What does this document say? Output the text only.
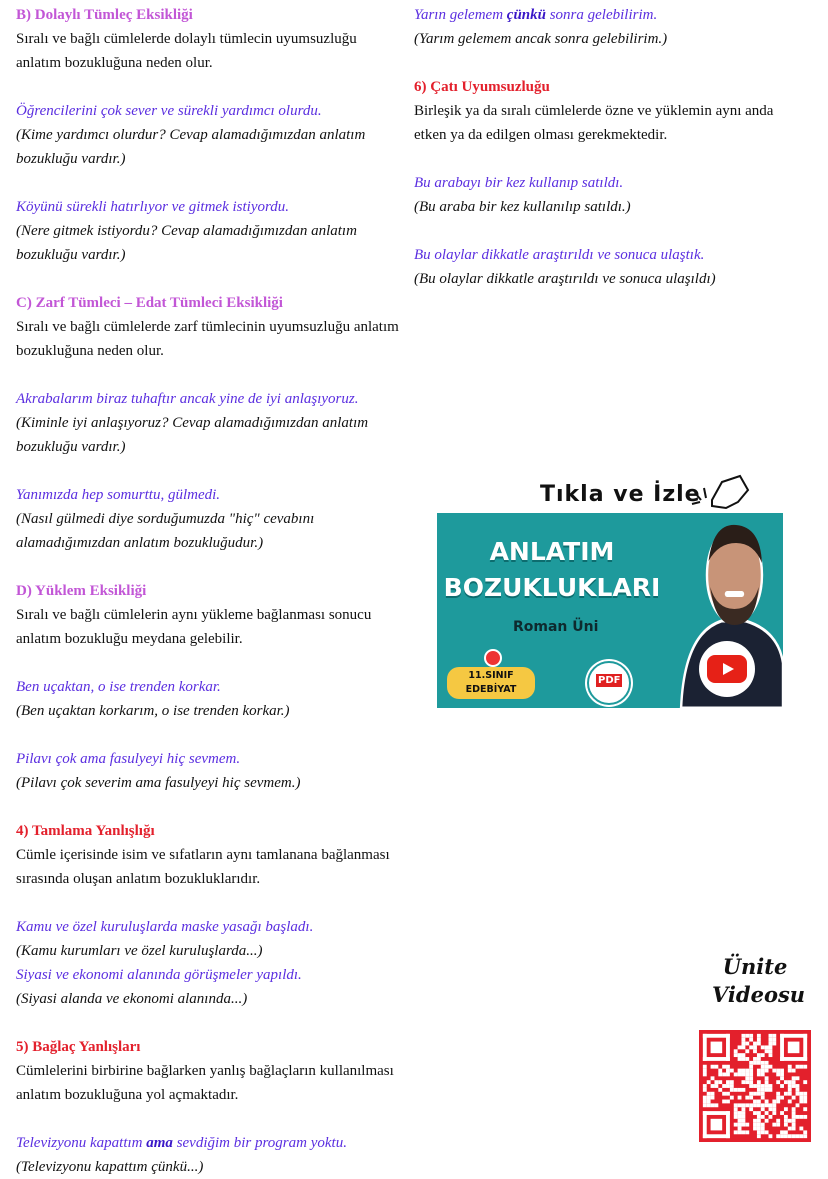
B) Dolaylı Tümleç Eksikliği
Sıralı ve bağlı cümlelerde dolaylı tümlecin uyumsuzluğu
anlatım bozukluğuna neden olur.
Öğrencilerini çok sever ve sürekli yardımcı olurdu.
(Kime yardımcı olurdur? Cevap alamadığımızdan anlatım
bozukluğu vardır.)
Köyünü sürekli hatırlıyor ve gitmek istiyordu.
(Nere gitmek istiyordu? Cevap alamadığımızdan anlatım
bozukluğu vardır.)
C) Zarf Tümleci – Edat Tümleci Eksikliği
Sıralı ve bağlı cümlelerde zarf tümlecinin uyumsuzluğu anlatım
bozukluğuna neden olur.
Akrabalarım biraz tuhaftır ancak yine de iyi anlaşıyoruz.
(Kiminle iyi anlaşıyoruz? Cevap alamadığımızdan anlatım
bozukluğu vardır.)
Yanımızda hep somurttu, gülmedi.
(Nasıl gülmedi diye sorduğumuzda "hiç" cevabını
alamadığımızdan anlatım bozukluğudur.)
D) Yüklem Eksikliği
Sıralı ve bağlı cümlelerin aynı yükleme bağlanması sonucu
anlatım bozukluğu meydana gelebilir.
Ben uçaktan, o ise trenden korkar.
(Ben uçaktan korkarım, o ise trenden korkar.)
Pilavı çok ama fasulyeyi hiç sevmem.
(Pilavı çok severim ama fasulyeyi hiç sevmem.)
4) Tamlama Yanlışlığı
Cümle içerisinde isim ve sıfatların aynı tamlanana bağlanması
sırasında oluşan anlatım bozukluklarıdır.
Kamu ve özel kuruluşlarda maske yasağı başladı.
(Kamu kurumları ve özel kuruluşlarda...)
Siyasi ve ekonomi alanında görüşmeler yapıldı.
(Siyasi alanda ve ekonomi alanında...)
5) Bağlaç Yanlışları
Cümlelerini birbirine bağlarken yanlış bağlaçların kullanılması
anlatım bozukluğuna yol açmaktadır.
Televizyonu kapattım ama sevdiğim bir program yoktu.
(Televizyonu kapattım çünkü...)
Yarın gelemem çünkü sonra gelebilirim.
(Yarım gelemem ancak sonra gelebilirim.)
6) Çatı Uyumsuzluğu
Birleşik ya da sıralı cümlelerde özne ve yüklemin aynı anda
etken ya da edilgen olması gerekmektedir.
Bu arabayı bir kez kullanıp satıldı.
(Bu araba bir kez kullanılıp satıldı.)
Bu olaylar dikkatle araştırıldı ve sonuca ulaştık.
(Bu olaylar dikkatle araştırıldı ve sonuca ulaşıldı)
Tıkla ve İzle
ANLATIM
BOZUKLUKLARI
Roman Üni
11.SINIF
EDEBİYAT
PDF
Ünite
Videosu
